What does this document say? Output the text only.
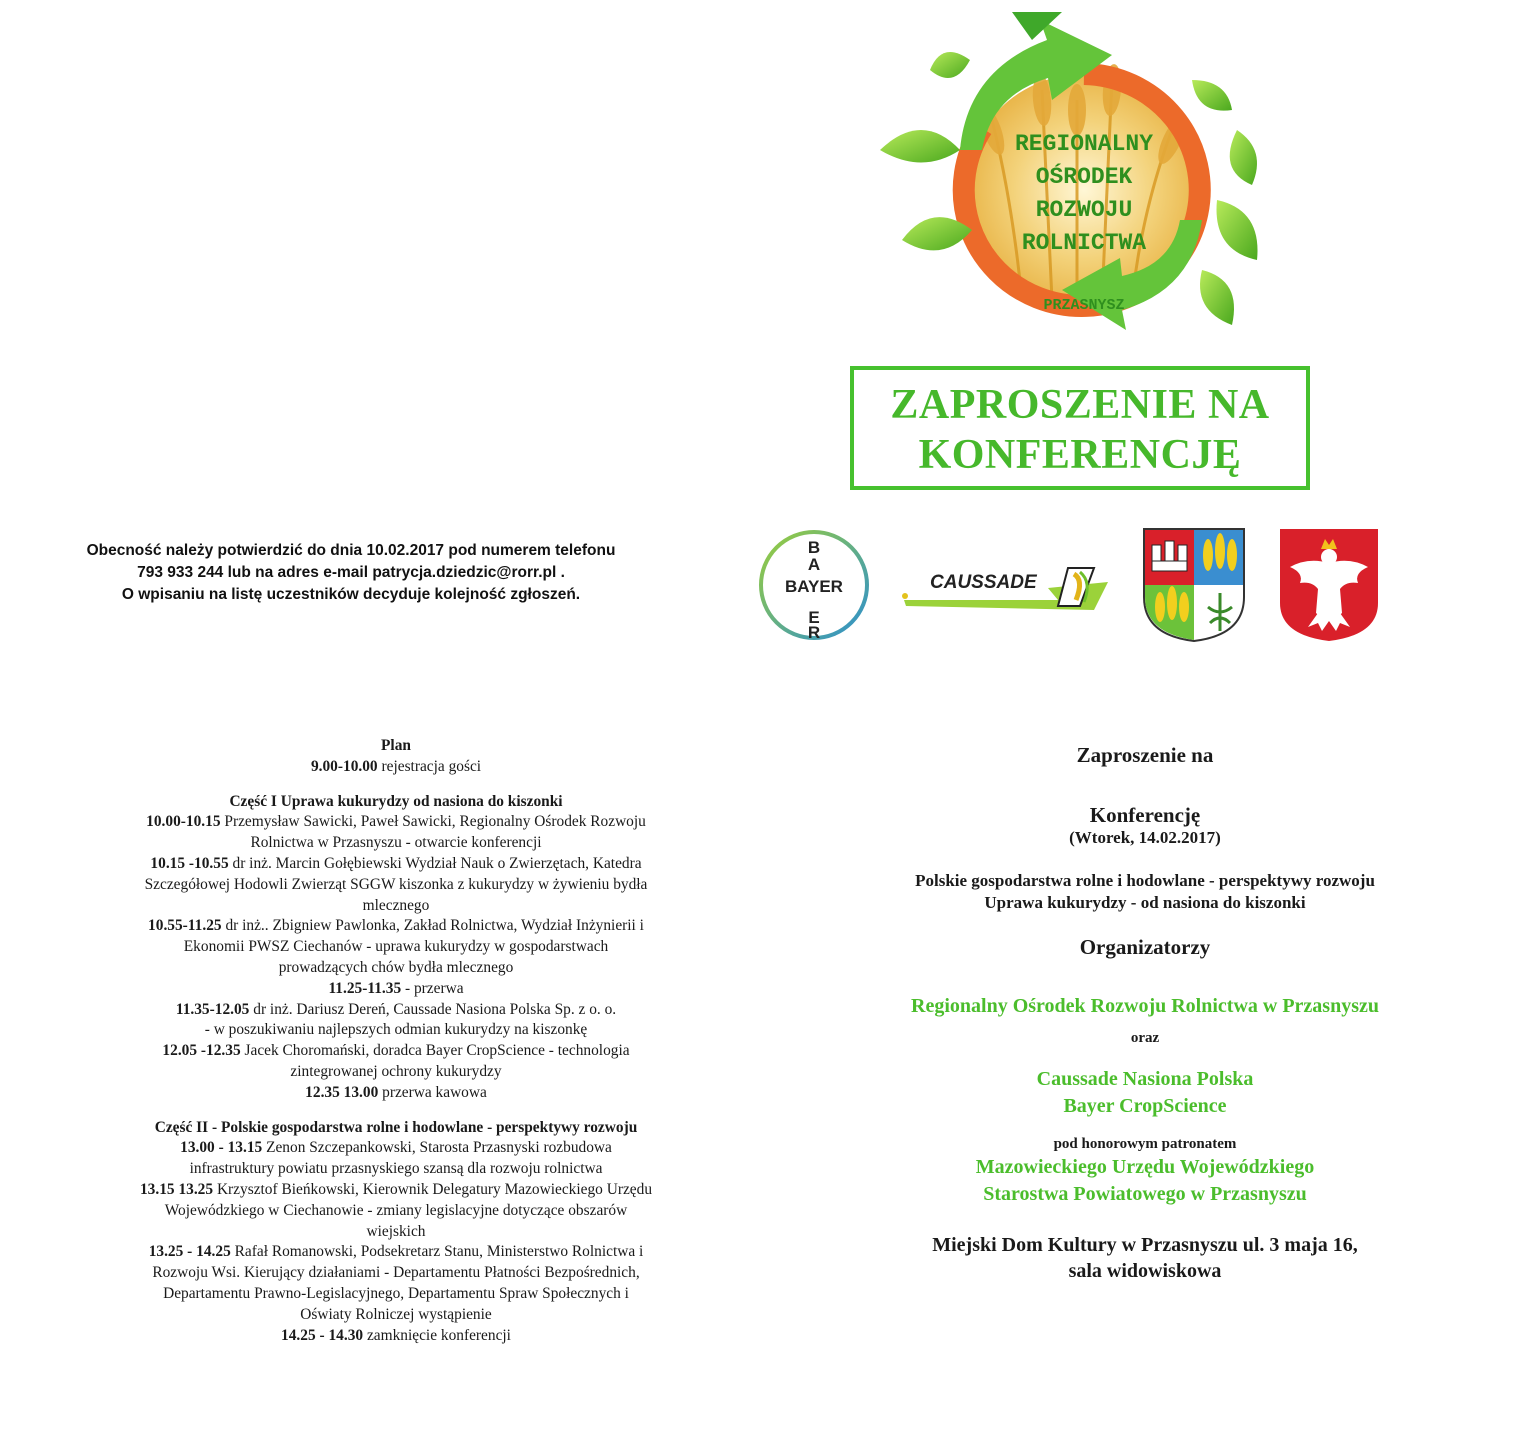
REGIONALNY
OŚRODEK
ROZWOJU
ROLNICTWA
PRZASNYSZ
ZAPROSZENIE NA
KONFERENCJĘ
Obecność należy potwierdzić do dnia 10.02.2017 pod numerem telefonu
793 933 244 lub na adres e-mail patrycja.dziedzic@rorr.pl .
O wpisaniu na listę uczestników decyduje kolejność zgłoszeń.
B
A
E
R
BAYER	CAUSSADE
Plan
9.00-10.00 rejestracja gości
Część I Uprawa kukurydzy od nasiona do kiszonki
10.00-10.15 Przemysław Sawicki, Paweł Sawicki, Regionalny Ośrodek Rozwoju
Rolnictwa w Przasnyszu - otwarcie konferencji
10.15 -10.55 dr inż. Marcin Gołębiewski Wydział Nauk o Zwierzętach, Katedra
Szczegółowej Hodowli Zwierząt SGGW kiszonka z kukurydzy w żywieniu bydła
mlecznego
10.55-11.25 dr inż.. Zbigniew Pawlonka, Zakład Rolnictwa, Wydział Inżynierii i
Ekonomii PWSZ Ciechanów - uprawa kukurydzy w gospodarstwach
prowadzących chów bydła mlecznego
11.25-11.35 - przerwa
11.35-12.05 dr inż. Dariusz Dereń, Caussade Nasiona Polska Sp. z o. o.
- w poszukiwaniu najlepszych odmian kukurydzy na kiszonkę
12.05 -12.35 Jacek Choromański, doradca Bayer CropScience - technologia
zintegrowanej ochrony kukurydzy
12.35 13.00 przerwa kawowa
Część II - Polskie gospodarstwa rolne i hodowlane - perspektywy rozwoju
13.00 - 13.15 Zenon Szczepankowski, Starosta Przasnyski rozbudowa
infrastruktury powiatu przasnyskiego szansą dla rozwoju rolnictwa
13.15 13.25 Krzysztof Bieńkowski, Kierownik Delegatury Mazowieckiego Urzędu
Wojewódzkiego w Ciechanowie - zmiany legislacyjne dotyczące obszarów
wiejskich
13.25 - 14.25 Rafał Romanowski, Podsekretarz Stanu, Ministerstwo Rolnictwa i
Rozwoju Wsi. Kierujący działaniami - Departamentu Płatności Bezpośrednich,
Departamentu Prawno-Legislacyjnego, Departamentu Spraw Społecznych i
Oświaty Rolniczej wystąpienie
14.25 - 14.30 zamknięcie konferencji
Zaproszenie na
Konferencję
(Wtorek, 14.02.2017)
Polskie gospodarstwa rolne i hodowlane - perspektywy rozwoju
Uprawa kukurydzy - od nasiona do kiszonki
Organizatorzy
Regionalny Ośrodek Rozwoju Rolnictwa w Przasnyszu
oraz
Caussade Nasiona Polska
Bayer CropScience
pod honorowym patronatem
Mazowieckiego Urzędu Wojewódzkiego
Starostwa Powiatowego w Przasnyszu
Miejski Dom Kultury w Przasnyszu ul. 3 maja 16,
sala widowiskowa
